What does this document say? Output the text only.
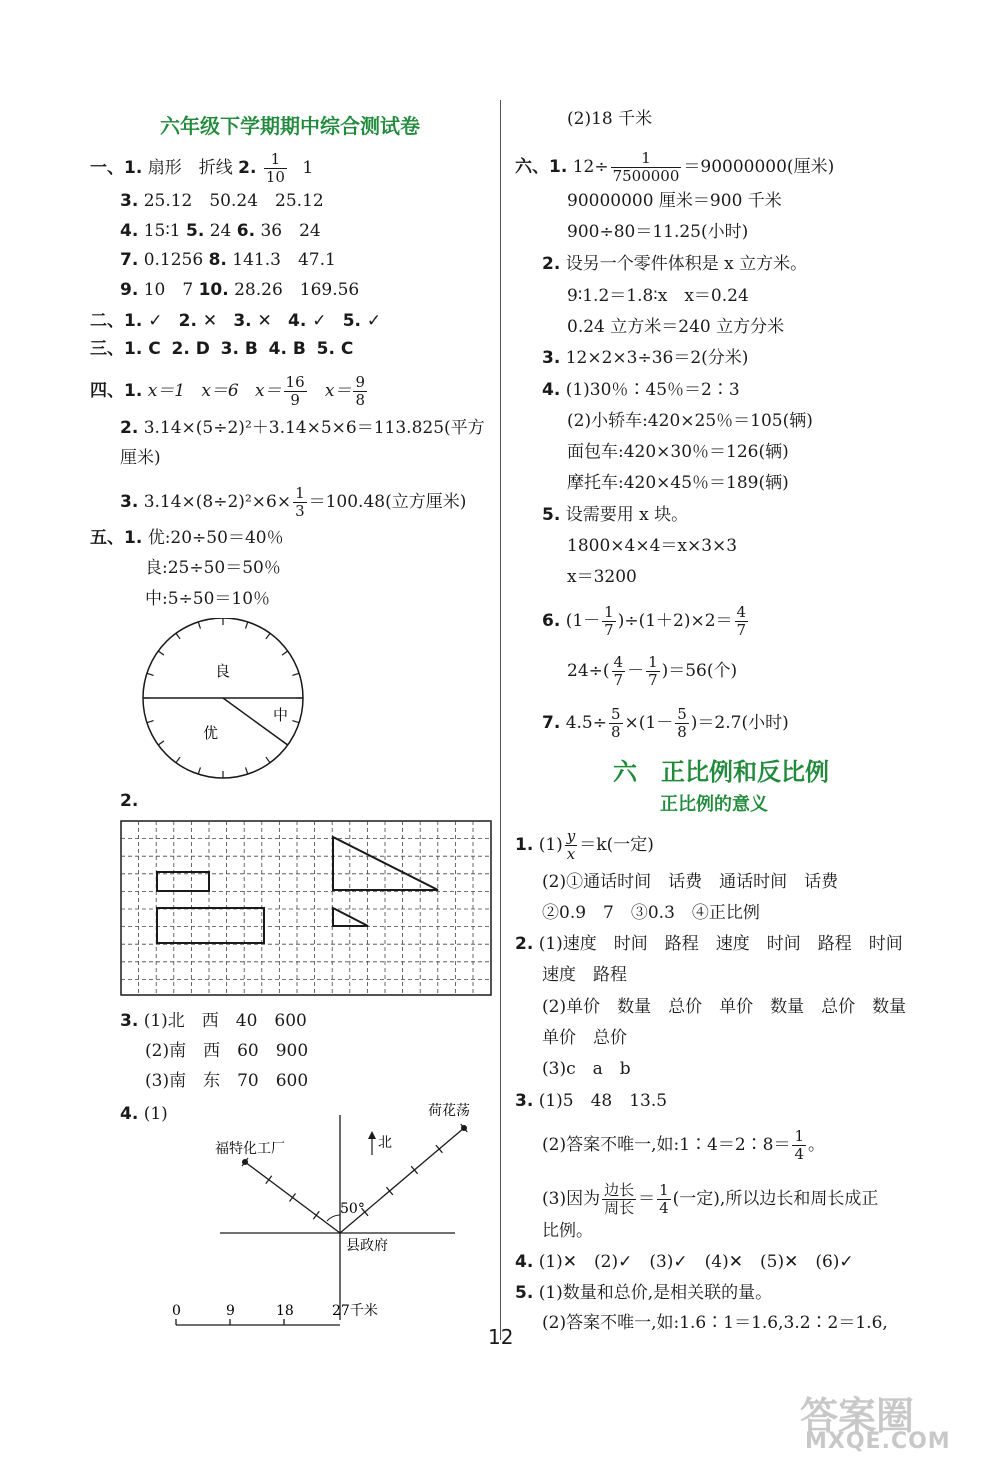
六年级下学期期中综合测试卷
一、1. 扇形　折线 2. $\frac{1}{10} 1$
3. 25.12　50.24　25.12
4. 15∶1 5. 24 6. 36　24
7. 0.1256 8. 141.3　47.1
9. 10　7 10. 28.26　169.56
二、1. ✓ 2. ✕ 3. ✕ 4. ✓ 5. ✓
三、1. C 2. D 3. B 4. B 5. C
四、1. x＝1 x＝6 $x= \frac{16}{9} x= \frac{9}{8}$
2. 3.14×(5÷2)²＋3.14×5×6＝113.825(平方
厘米)
3. $3.14\times(8\div 2)^2\times 6\times \frac{1}{3} =100.48$(立方厘米)
五、1. 优:20÷50＝40％
良:25÷50＝50％
中:5÷50＝10％
良
优
中
2.
3. (1)北　西　40　600
(2)南　西　60　900
(3)南　东　70　600
4. (1)
北
荷花荡
福特化工厂
50°
县政府
0	9	18	27千米
(2)18 千米
六、1. $12\div \frac{1}{7500000} =90000000$(厘米)
90000000 厘米＝900 千米
900÷80＝11.25(小时)
2. 设另一个零件体积是 x 立方米。
9∶1.2＝1.8∶x　x＝0.24
0.24 立方米＝240 立方分米
3. 12×2×3÷36＝2(分米)
4. (1)30％∶45％＝2∶3
(2)小轿车:420×25％＝105(辆)
面包车:420×30％＝126(辆)
摩托车:420×45％＝189(辆)
5. 设需要用 x 块。
1800×4×4＝x×3×3
x＝3200
6. $(1- \frac{1}{7} )\div(1+2)\times 2= \frac{4}{7}$
$24\div( \frac{4}{7} - \frac{1}{7} )=56$(个)
7. $4.5\div \frac{5}{8} \times(1- \frac{5}{8} )=2.7$(小时)
六　正比例和反比例
正比例的意义
1. $(1) \frac{y}{x} =k$(一定)
(2)①通话时间　话费　通话时间　话费
②0.9　7　③0.3　④正比例
2. (1)速度　时间　路程　速度　时间　路程　时间
速度　路程
(2)单价　数量　总价　单价　数量　总价　数量
单价　总价
(3)c　a　b
3. (1)5　48　13.5
(2)答案不唯一,如:1∶4＝2∶8＝ $\frac{1}{4}$ 。
(3)因为 $\frac{\text{边长}}{\text{周长}} = \frac{1}{4}$ (一定),所以边长和周长成正
比例。
4. (1)✕　(2)✓　(3)✓　(4)✕　(5)✕　(6)✓
5. (1)数量和总价,是相关联的量。
(2)答案不唯一,如:1.6∶1＝1.6,3.2∶2＝1.6,
12
答案圈
MXQE.COM
